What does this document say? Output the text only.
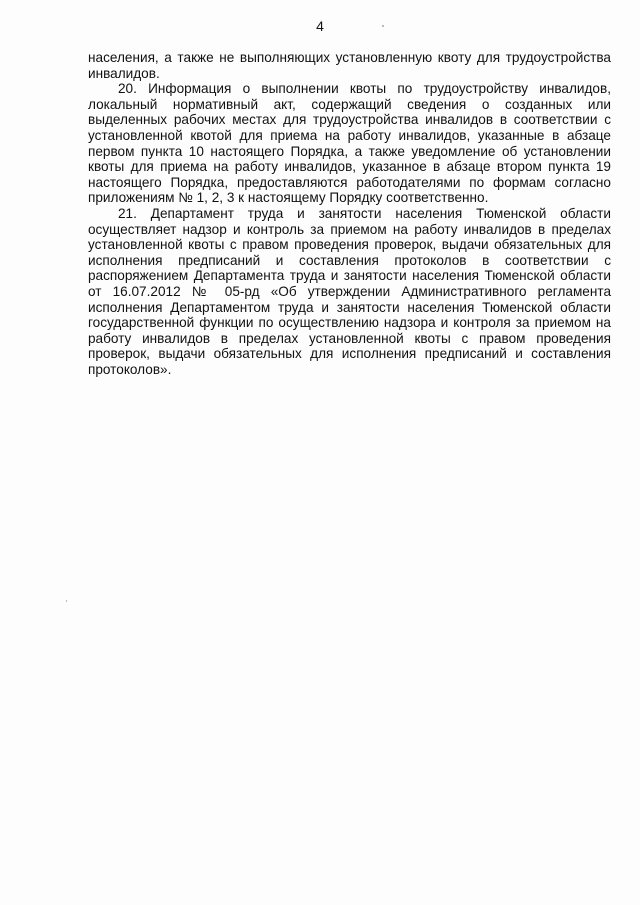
4

населения, а также не выполняющих установленную квоту для трудоустройства инвалидов.

20. Информация о выполнении квоты по трудоустройству инвалидов, локальный нормативный акт, содержащий сведения о созданных или выделенных рабочих местах для трудоустройства инвалидов в соответствии с установленной квотой для приема на работу инвалидов, указанные в абзаце первом пункта 10 настоящего Порядка, а также уведомление об установлении квоты для приема на работу инвалидов, указанное в абзаце втором пункта 19 настоящего Порядка, предоставляются работодателями по формам согласно приложениям № 1, 2, 3 к настоящему Порядку соответственно.

21. Департамент труда и занятости населения Тюменской области осуществляет надзор и контроль за приемом на работу инвалидов в пределах установленной квоты с правом проведения проверок, выдачи обязательных для исполнения предписаний и составления протоколов в соответствии с распоряжением Департамента труда и занятости населения Тюменской области от 16.07.2012 № 05-рд «Об утверждении Административного регламента исполнения Департаментом труда и занятости населения Тюменской области государственной функции по осуществлению надзора и контроля за приемом на работу инвалидов в пределах установленной квоты с правом проведения проверок, выдачи обязательных для исполнения предписаний и составления протоколов».
